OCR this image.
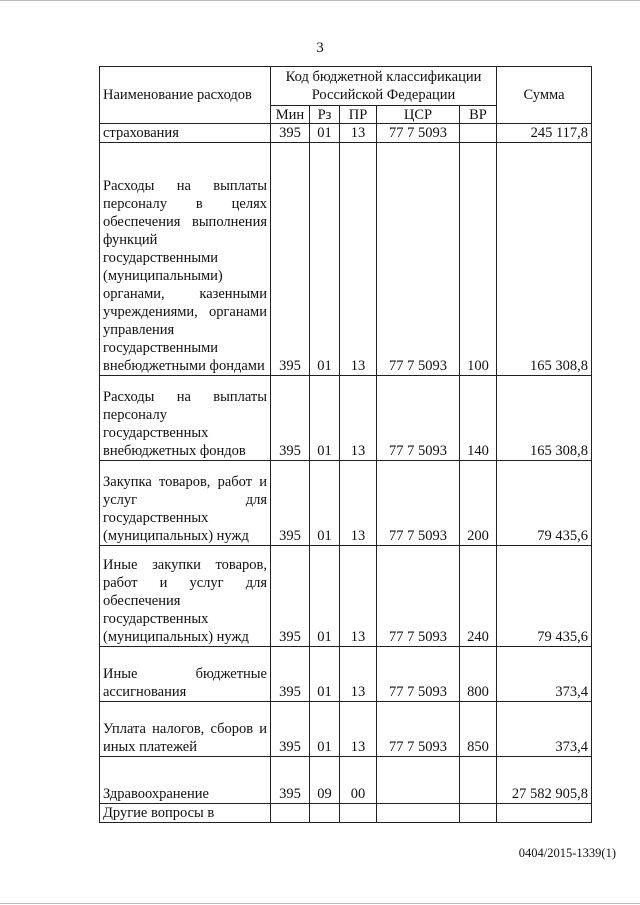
3
Наименование расходов	Код бюджетной классификации Российской Федерации					Сумма
	Мин	Рз	ПР	ЦСР	ВР	
страхования	395	01	13	77 7 5093		245 117,8
Расходы на выплаты персоналу в целях обеспечения выполнения функций государственными (муниципальными) органами, казенными учреждениями, органами управления государственными внебюджетными фондами	395	01	13	77 7 5093	100	165 308,8
Расходы на выплаты персоналу государственных внебюджетных фондов	395	01	13	77 7 5093	140	165 308,8
Закупка товаров, работ и услуг для государственных (муниципальных) нужд	395	01	13	77 7 5093	200	79 435,6
Иные закупки товаров, работ и услуг для обеспечения государственных (муниципальных) нужд	395	01	13	77 7 5093	240	79 435,6
Иные бюджетные ассигнования	395	01	13	77 7 5093	800	373,4
Уплата налогов, сборов и иных платежей	395	01	13	77 7 5093	850	373,4
Здравоохранение	395	09	00			27 582 905,8
Другие вопросы в						
0404/2015-1339(1)
